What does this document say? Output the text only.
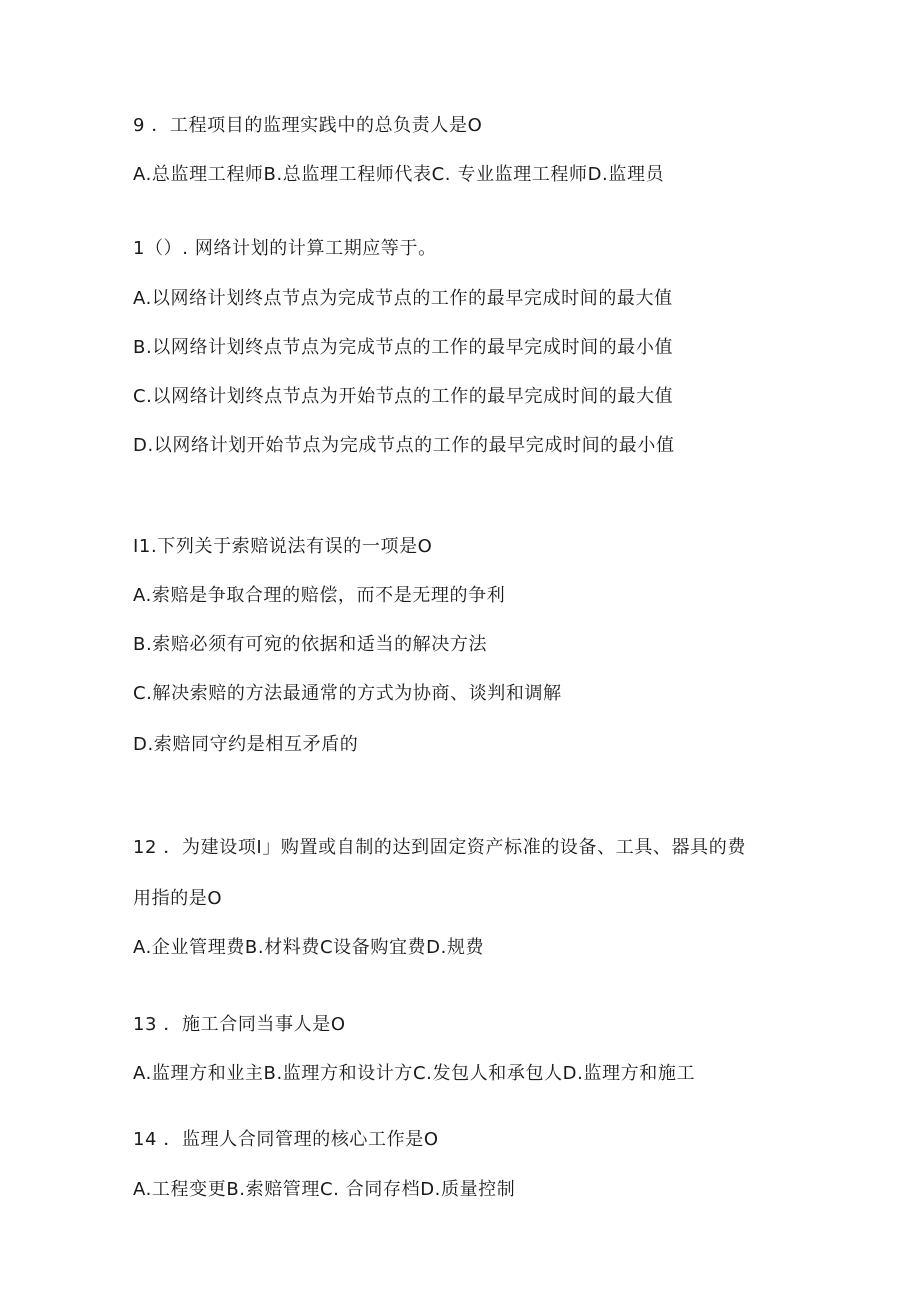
9 ．工程项目的监理实践中的总负责人是O
A.总监理工程师B.总监理工程师代表C. 专业监理工程师D.监理员
1（）. 网络计划的计算工期应等于。
A.以网络计划终点节点为完成节点的工作的最早完成时间的最大值
B.以网络计划终点节点为完成节点的工作的最早完成时间的最小值
C.以网络计划终点节点为开始节点的工作的最早完成时间的最大值
D.以网络计划开始节点为完成节点的工作的最早完成时间的最小值
I1.下列关于索赔说法有误的一项是O
A.索赔是争取合理的赔偿，而不是无理的争利
B.索赔必须有可宛的依据和适当的解决方法
C.解决索赔的方法最通常的方式为协商、谈判和调解
D.索赔同守约是相互矛盾的
12 ．为建设项I」购置或自制的达到固定资产标准的设备、工具、器具的费
用指的是O
A.企业管理费B.材料费C设备购宜费D.规费
13 ．施工合同当事人是O
A.监理方和业主B.监理方和设计方C.发包人和承包人D.监理方和施工
14 ．监理人合同管理的核心工作是O
A.工程变更B.索赔管理C. 合同存档D.质量控制
